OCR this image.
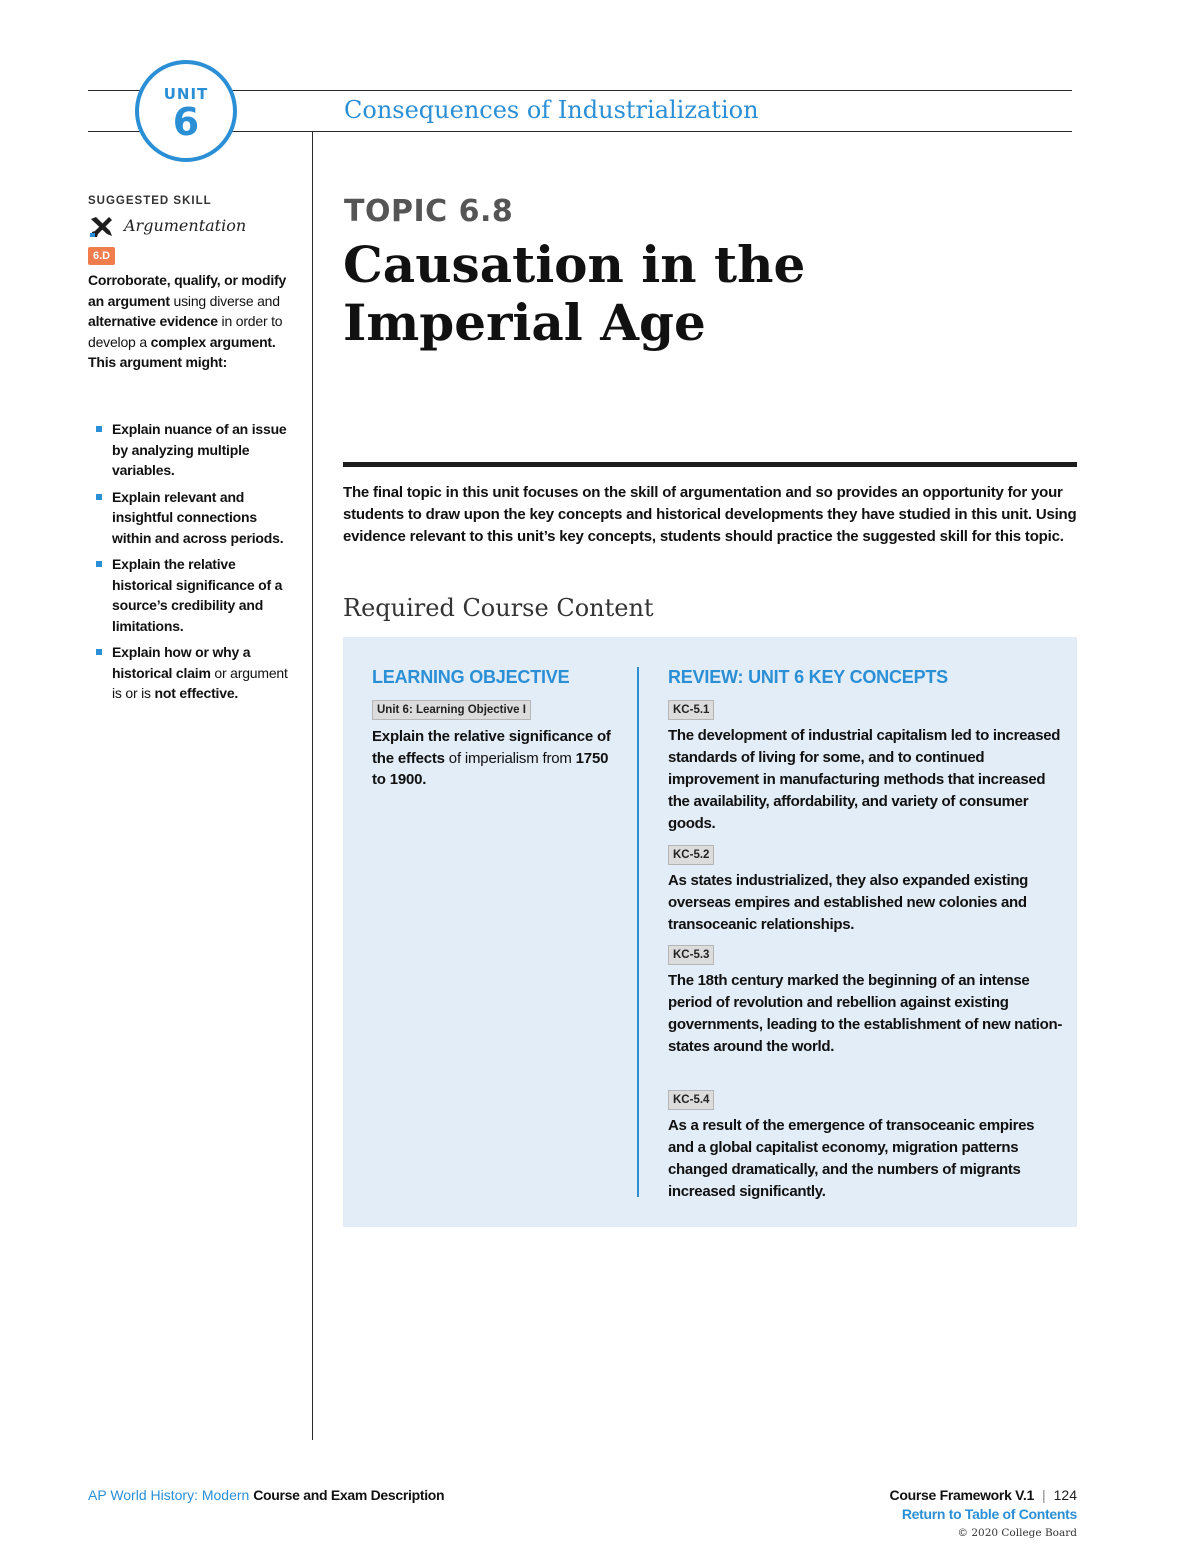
UNIT
6	Consequences of Industrialization
SUGGESTED SKILL
Argumentation
6.D
Corroborate, qualify, or modify an argument using diverse and alternative evidence in order to develop a complex argument. This argument might:
Explain nuance of an issue by analyzing multiple variables.
Explain relevant and insightful connections within and across periods.
Explain the relative historical significance of a source’s credibility and limitations.
Explain how or why a historical claim or argument is or is not effective.
TOPIC 6.8
Causation in the Imperial Age
The final topic in this unit focuses on the skill of argumentation and so provides an opportunity for your students to draw upon the key concepts and historical developments they have studied in this unit. Using evidence relevant to this unit’s key concepts, students should practice the suggested skill for this topic.
Required Course Content
LEARNING OBJECTIVE	REVIEW: UNIT 6 KEY CONCEPTS
Unit 6: Learning Objective I
Explain the relative significance of the effects of imperialism from 1750 to 1900.
KC-5.1
The development of industrial capitalism led to increased standards of living for some, and to continued improvement in manufacturing methods that increased the availability, affordability, and variety of consumer goods.
KC-5.2
As states industrialized, they also expanded existing overseas empires and established new colonies and transoceanic relationships.
KC-5.3
The 18th century marked the beginning of an intense period of revolution and rebellion against existing governments, leading to the establishment of new nation-states around the world.
KC-5.4
As a result of the emergence of transoceanic empires and a global capitalist economy, migration patterns changed dramatically, and the numbers of migrants increased significantly.
AP World History: Modern Course and Exam Description	Course Framework V.1 | 124
Return to Table of Contents
© 2020 College Board
